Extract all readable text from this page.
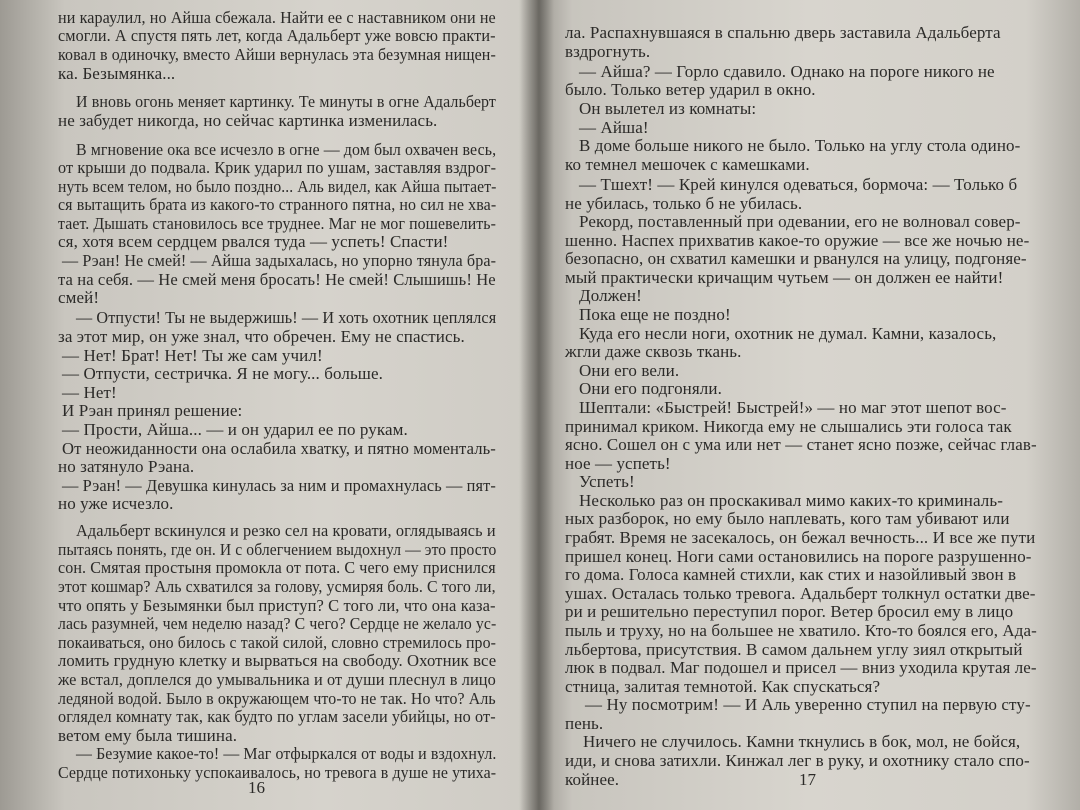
ни караулил, но Айша сбежала. Найти ее с наставником они не
смогли. А спустя пять лет, когда Адальберт уже вовсю практи-
ковал в одиночку, вместо Айши вернулась эта безумная нищен-
ка. Безымянка...
И вновь огонь меняет картинку. Те минуты в огне Адальберт
не забудет никогда, но сейчас картинка изменилась.
В мгновение ока все исчезло в огне — дом был охвачен весь,
от крыши до подвала. Крик ударил по ушам, заставляя вздрог-
нуть всем телом, но было поздно... Аль видел, как Айша пытает-
ся вытащить брата из какого-то странного пятна, но сил не хва-
тает. Дышать становилось все труднее. Маг не мог пошевелить-
ся, хотя всем сердцем рвался туда — успеть! Спасти!
— Рэан! Не смей! — Айша задыхалась, но упорно тянула бра-
та на себя. — Не смей меня бросать! Не смей! Слышишь! Не
смей!
— Отпусти! Ты не выдержишь! — И хоть охотник цеплялся
за этот мир, он уже знал, что обречен. Ему не спастись.
— Нет! Брат! Нет! Ты же сам учил!
— Отпусти, сестричка. Я не могу... больше.
— Нет!
И Рэан принял решение:
— Прости, Айша... — и он ударил ее по рукам.
От неожиданности она ослабила хватку, и пятно моменталь-
но затянуло Рэана.
— Рэан! — Девушка кинулась за ним и промахнулась — пят-
но уже исчезло.
Адальберт вскинулся и резко сел на кровати, оглядываясь и
пытаясь понять, где он. И с облегчением выдохнул — это просто
сон. Смятая простыня промокла от пота. С чего ему приснился
этот кошмар? Аль схватился за голову, усмиряя боль. С того ли,
что опять у Безымянки был приступ? С того ли, что она каза-
лась разумней, чем неделю назад? С чего? Сердце не желало ус-
покаиваться, оно билось с такой силой, словно стремилось про-
ломить грудную клетку и вырваться на свободу. Охотник все
же встал, доплелся до умывальника и от души плеснул в лицо
ледяной водой. Было в окружающем что-то не так. Но что? Аль
оглядел комнату так, как будто по углам засели убийцы, но от-
ветом ему была тишина.
— Безумие какое-то! — Маг отфыркался от воды и вздохнул.
Сердце потихоньку успокаивалось, но тревога в душе не утиха-
16
ла. Распахнувшаяся в спальню дверь заставила Адальберта
вздрогнуть.
— Айша? — Горло сдавило. Однако на пороге никого не
было. Только ветер ударил в окно.
Он вылетел из комнаты:
— Айша!
В доме больше никого не было. Только на углу стола одино-
ко темнел мешочек с камешками.
— Тшехт! — Крей кинулся одеваться, бормоча: — Только б
не убилась, только б не убилась.
Рекорд, поставленный при одевании, его не волновал совер-
шенно. Наспех прихватив какое-то оружие — все же ночью не-
безопасно, он схватил камешки и рванулся на улицу, подгоняе-
мый практически кричащим чутьем — он должен ее найти!
Должен!
Пока еще не поздно!
Куда его несли ноги, охотник не думал. Камни, казалось,
жгли даже сквозь ткань.
Они его вели.
Они его подгоняли.
Шептали: «Быстрей! Быстрей!» — но маг этот шепот вос-
принимал криком. Никогда ему не слышались эти голоса так
ясно. Сошел он с ума или нет — станет ясно позже, сейчас глав-
ное — успеть!
Успеть!
Несколько раз он проскакивал мимо каких-то криминаль-
ных разборок, но ему было наплевать, кого там убивают или
грабят. Время не засекалось, он бежал вечность... И все же пути
пришел конец. Ноги сами остановились на пороге разрушенно-
го дома. Голоса камней стихли, как стих и назойливый звон в
ушах. Осталась только тревога. Адальберт толкнул остатки две-
ри и решительно переступил порог. Ветер бросил ему в лицо
пыль и труху, но на большее не хватило. Кто-то боялся его, Ада-
льбертова, присутствия. В самом дальнем углу зиял открытый
люк в подвал. Маг подошел и присел — вниз уходила крутая ле-
стница, залитая темнотой. Как спускаться?
— Ну посмотрим! — И Аль уверенно ступил на первую сту-
пень.
Ничего не случилось. Камни ткнулись в бок, мол, не бойся,
иди, и снова затихли. Кинжал лег в руку, и охотнику стало спо-
койнее.	17
